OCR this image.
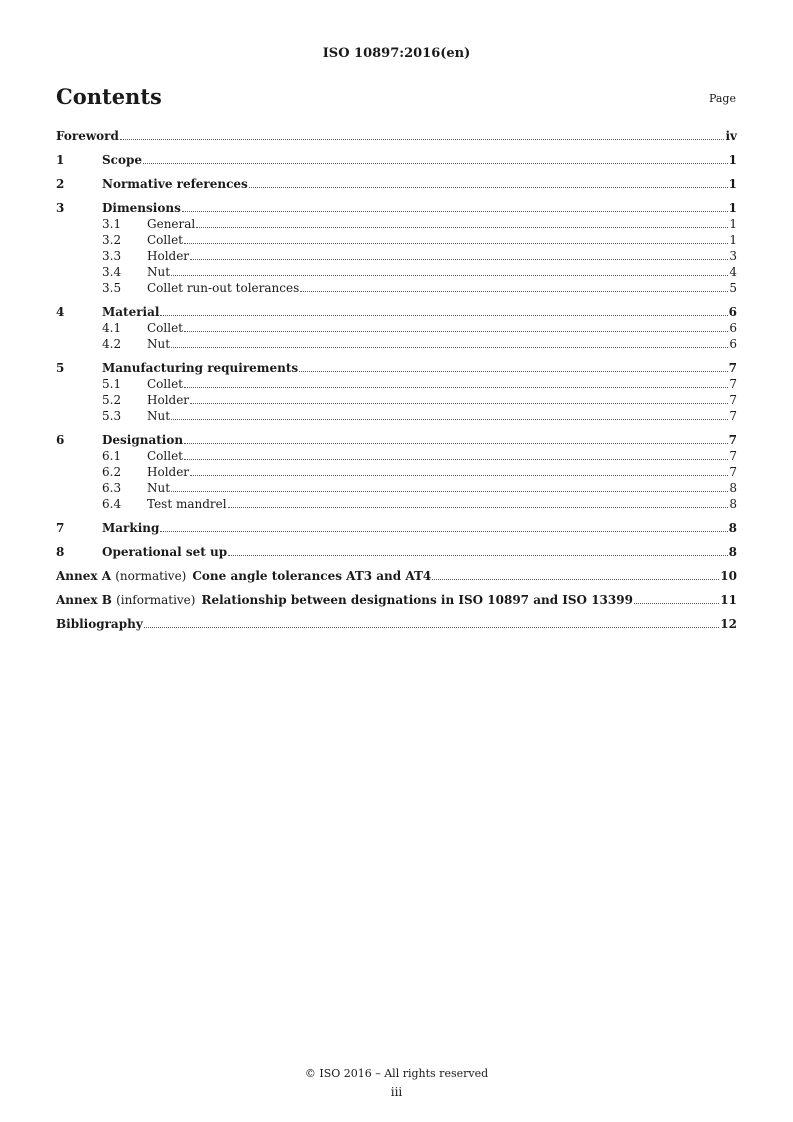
ISO 10897:2016(en)
Contents	Page
Foreword	iv
1	Scope	1
2	Normative references	1
3	Dimensions	1
3.1	General	1
3.2	Collet	1
3.3	Holder	3
3.4	Nut	4
3.5	Collet run-out tolerances	5
4	Material	6
4.1	Collet	6
4.2	Nut	6
5	Manufacturing requirements	7
5.1	Collet	7
5.2	Holder	7
5.3	Nut	7
6	Designation	7
6.1	Collet	7
6.2	Holder	7
6.3	Nut	8
6.4	Test mandrel	8
7	Marking	8
8	Operational set up	8
Annex A (normative) Cone angle tolerances AT3 and AT4	10
Annex B (informative) Relationship between designations in ISO 10897 and ISO 13399	11
Bibliography	12
© ISO 2016 – All rights reserved
iii
